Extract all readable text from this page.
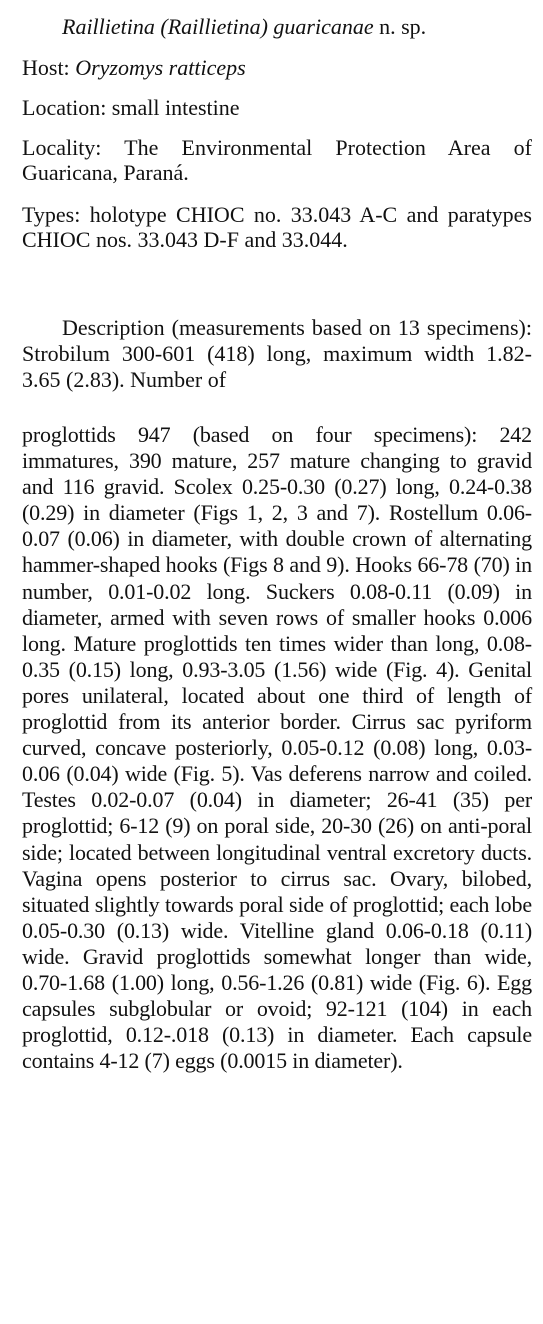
Raillietina (Raillietina) guaricanae n. sp.

Host: Oryzomys ratticeps

Location: small intestine

Locality: The Environmental Protection Area of Guaricana, Paraná.

Types: holotype CHIOC no. 33.043 A-C and paratypes CHIOC nos. 33.043 D-F and 33.044.

Description (measurements based on 13 specimens): Strobilum 300-601 (418) long, maximum width 1.82-3.65 (2.83). Number of

proglottids 947 (based on four specimens): 242 immatures, 390 mature, 257 mature changing to gravid and 116 gravid. Scolex 0.25-0.30 (0.27) long, 0.24-0.38 (0.29) in diameter (Figs 1, 2, 3 and 7). Rostellum 0.06-0.07 (0.06) in diameter, with double crown of alternating hammer-shaped hooks (Figs 8 and 9). Hooks 66-78 (70) in number, 0.01-0.02 long. Suckers 0.08-0.11 (0.09) in diameter, armed with seven rows of smaller hooks 0.006 long. Mature proglottids ten times wider than long, 0.08-0.35 (0.15) long, 0.93-3.05 (1.56) wide (Fig. 4). Genital pores unilateral, located about one third of length of proglottid from its anterior border. Cirrus sac pyriform curved, concave posteriorly, 0.05-0.12 (0.08) long, 0.03-0.06 (0.04) wide (Fig. 5). Vas deferens narrow and coiled. Testes 0.02-0.07 (0.04) in diameter; 26-41 (35) per proglottid; 6-12 (9) on poral side, 20-30 (26) on anti-poral side; located between longitudinal ventral excretory ducts. Vagina opens posterior to cirrus sac. Ovary, bilobed, situated slightly towards poral side of proglottid; each lobe 0.05-0.30 (0.13) wide. Vitelline gland 0.06-0.18 (0.11) wide. Gravid proglottids somewhat longer than wide, 0.70-1.68 (1.00) long, 0.56-1.26 (0.81) wide (Fig. 6). Egg capsules subglobular or ovoid; 92-121 (104) in each proglottid, 0.12-.018 (0.13) in diameter. Each capsule contains 4-12 (7) eggs (0.0015 in diameter).
